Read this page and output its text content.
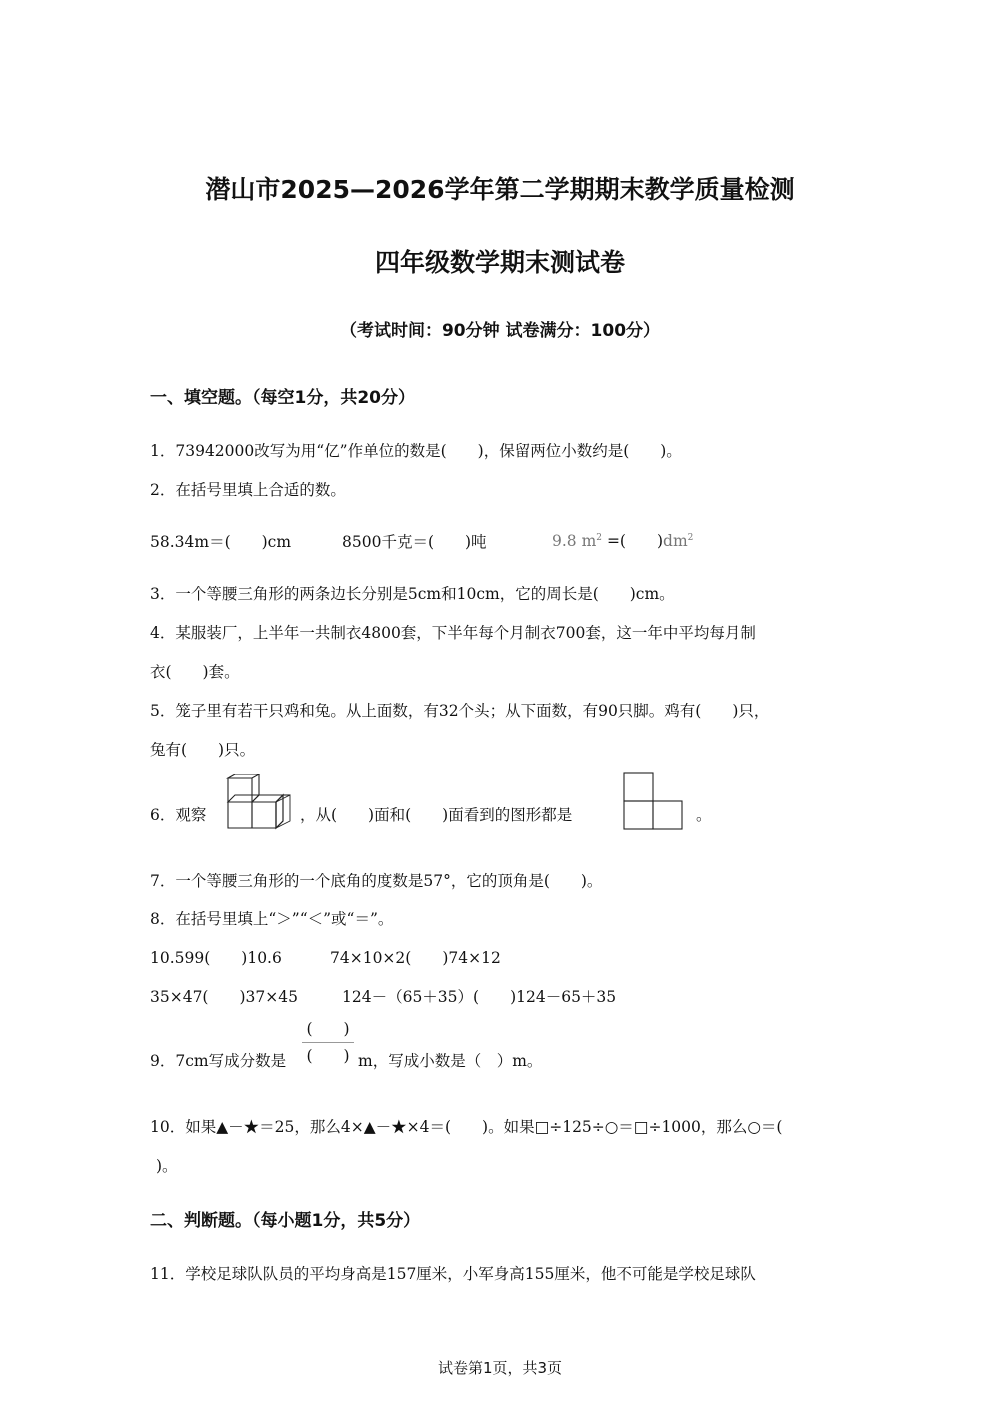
潜山市2025—2026学年第二学期期末教学质量检测
四年级数学期末测试卷
（考试时间：90分钟 试卷满分：100分）
一、填空题。（每空1分，共20分）
1．73942000改写为用“亿”作单位的数是(　　)，保留两位小数约是(　　)。
2．在括号里填上合适的数。
58.34m＝(　　)cm	8500千克＝(　　)吨	9.8 $m^2$ =(　　)$dm^2$
3．一个等腰三角形的两条边长分别是5cm和10cm，它的周长是(　　)cm。
4．某服装厂，上半年一共制衣4800套，下半年每个月制衣700套，这一年中平均每月制
衣(　　)套。
5．笼子里有若干只鸡和兔。从上面数，有32个头；从下面数，有90只脚。鸡有(　　)只，
兔有(　　)只。
6．观察	，从(　　)面和(　　)面看到的图形都是	。
7．一个等腰三角形的一个底角的度数是57°，它的顶角是(　　)。
8．在括号里填上“＞”“＜”或“＝”。
10.599(　　)10.6	74×10×2(　　)74×12
35×47(　　)37×45	124－（65＋35）(　　)124－65＋35
9．7cm写成分数是
(　　)
(　　) m，写成小数是（　）m。
10．如果▲－★＝25，那么4×▲－★×4＝(　　)。如果□÷125÷○＝□÷1000，那么○＝(
)。
二、判断题。（每小题1分，共5分）
11．学校足球队队员的平均身高是157厘米，小军身高155厘米，他不可能是学校足球队
试卷第1页，共3页
